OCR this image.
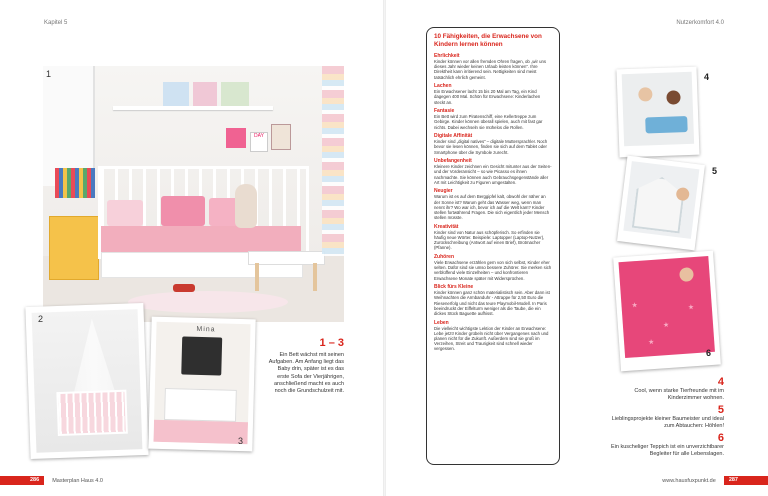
Kapitel 5	Nutzerkomfort 4.0
DAY
1
2
Mina
3
1 – 3
Ein Bett wächst mit seinen Aufgaben. Am Anfang liegt das Baby drin, später ist es das erste Sofa der Vierjährigen, anschließend macht es auch noch die Grundschulzeit mit.
10 Fähigkeiten, die Erwachsene von Kindern lernen können
Ehrlichkeit
Kinder können vor allen fremden Ohren fragen, ob „wir uns dieses Jahr wieder keinen Urlaub leisten können“. Ihre Direktheit kann irritierend sein. Nettigkeiten sind meist tatsächlich ehrlich gemeint.
Lachen
Ein Erwachsener lacht 15 bis 20 Mal am Tag, ein Kind dagegen 400 Mal. Schön für Erwachsene: Kinderlachen steckt an.
Fantasie
Ein Bett wird zum Piratenschiff, eine Kellertreppe zum Gebirge. Kinder können überall spielen, auch mit fast gar nichts. Dabei wechseln sie mühelos die Rollen.
Digitale Affinität
Kinder sind „digital natives“ – digitale Muttersprachler. Noch bevor sie lesen können, finden sie sich auf dem Tablet oder Smartphone über die Symbole zurecht.
Unbefangenheit
Kleinere Kinder zeichnen ein Gesicht mitunter aus der Seiten- und der Vorderansicht – so wie Picasso es ihnen nachmachte. Sie können auch Gebrauchsgegenstände aller Art mit Leichtigkeit zu Figuren umgestalten.
Neugier
Warum ist es auf dem Berggipfel kalt, obwohl der näher an der Sonne ist? Warum geht das Wasser weg, wenn man nennt ihr? Wo war ich, bevor ich auf die Welt kam? Kinder stellen fortwährend Fragen. Die sich eigentlich jeder Mensch stellen müsste.
Kreativität
Kinder sind von Natur aus schöpferisch. So erfinden sie häufig neue Wörter. Beispiele: Laptopper (Laptop-Nutzer), Zurückschreibung (Antwort auf einen Brief), Brotmacher (Pfanne).
Zuhören
Viele Erwachsene erzählen gern von sich selbst, Kinder eher selten. Dafür sind sie umso bessere Zuhörer. Sie merken sich verblüffend viele Einzelheiten – und konfrontieren Erwachsene Monate später mit Widersprüchen.
Blick fürs Kleine
Kinder können ganz schön materialistisch sein. Aber dann ist Weihnachten die Armbanduhr - Attrappe für 2,50 Euro die Riesenerfolg und nicht das teure Playmobil-Modell. In Paris beeindruckt der Eiffelturm weniger als die Taube, die ein dickes Stück Baguette aufhisst.
Leben
Die vielleicht wichtigste Lektion der Kinder an Erwachsene: Lebe jetzt! Kinder grübeln nicht über Vergangenes nach und planen nicht für die Zukunft. Außerdem sind sie groß im Verzeihen, Streit und Traurigkeit sind schnell wieder vergessen.
4
5
★
★
★
★
6
4
Cool, wenn starke Tierfreunde mit im Kinderzimmer wohnen.
5
Lieblingsprojekte kleiner Baumeister und ideal zum Abtauchen: Höhlen!
6
Ein kuscheliger Teppich ist ein unverzichtbarer Begleiter für alle Lebenslagen.
286	Masterplan Haus 4.0	www.hausfuxpunkt.de	287
